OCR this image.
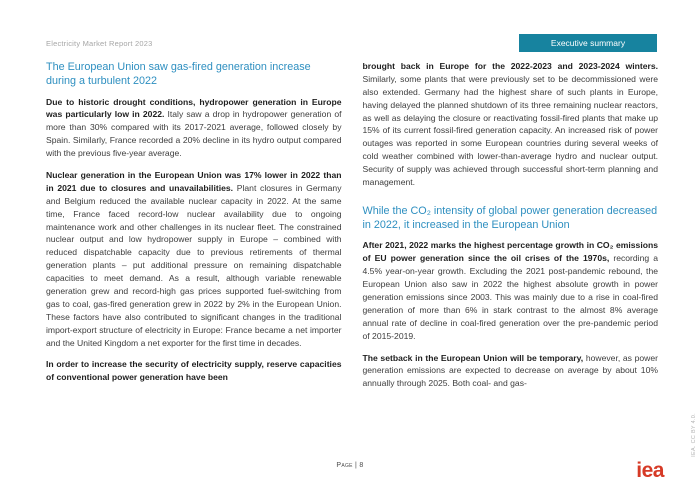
Electricity Market Report 2023	Executive summary
The European Union saw gas-fired generation increase during a turbulent 2022

Due to historic drought conditions, hydropower generation in Europe was particularly low in 2022. Italy saw a drop in hydropower generation of more than 30% compared with its 2017-2021 average, followed closely by Spain. Similarly, France recorded a 20% decline in its hydro output compared with the previous five-year average.

Nuclear generation in the European Union was 17% lower in 2022 than in 2021 due to closures and unavailabilities. Plant closures in Germany and Belgium reduced the available nuclear capacity in 2022. At the same time, France faced record-low nuclear availability due to ongoing maintenance work and other challenges in its nuclear fleet. The constrained nuclear output and low hydropower supply in Europe – combined with reduced dispatchable capacity due to previous retirements of thermal generation plants – put additional pressure on remaining dispatchable capacities to meet demand. As a result, although variable renewable generation grew and record-high gas prices supported fuel-switching from gas to coal, gas-fired generation grew in 2022 by 2% in the European Union. These factors have also contributed to significant changes in the traditional import-export structure of electricity in Europe: France became a net importer and the United Kingdom a net exporter for the first time in decades.

In order to increase the security of electricity supply, reserve capacities of conventional power generation have been

brought back in Europe for the 2022-2023 and 2023-2024 winters. Similarly, some plants that were previously set to be decommissioned were also extended. Germany had the highest share of such plants in Europe, having delayed the planned shutdown of its three remaining nuclear reactors, as well as delaying the closure or reactivating fossil-fired plants that make up 15% of its current fossil-fired generation capacity. An increased risk of power outages was reported in some European countries during several weeks of cold weather combined with lower-than-average hydro and nuclear output. Security of supply was achieved through successful short-term planning and management.

While the CO₂ intensity of global power generation decreased in 2022, it increased in the European Union

After 2021, 2022 marks the highest percentage growth in CO₂ emissions of EU power generation since the oil crises of the 1970s, recording a 4.5% year-on-year growth. Excluding the 2021 post-pandemic rebound, the European Union also saw in 2022 the highest absolute growth in power generation emissions since 2003. This was mainly due to a rise in coal-fired generation of more than 6% in stark contrast to the almost 8% average annual rate of decline in coal-fired generation over the pre-pandemic period of 2015-2019.

The setback in the European Union will be temporary, however, as power generation emissions are expected to decrease on average by about 10% annually through 2025. Both coal- and gas-

Page | 8	iea
IEA. CC BY 4.0.
